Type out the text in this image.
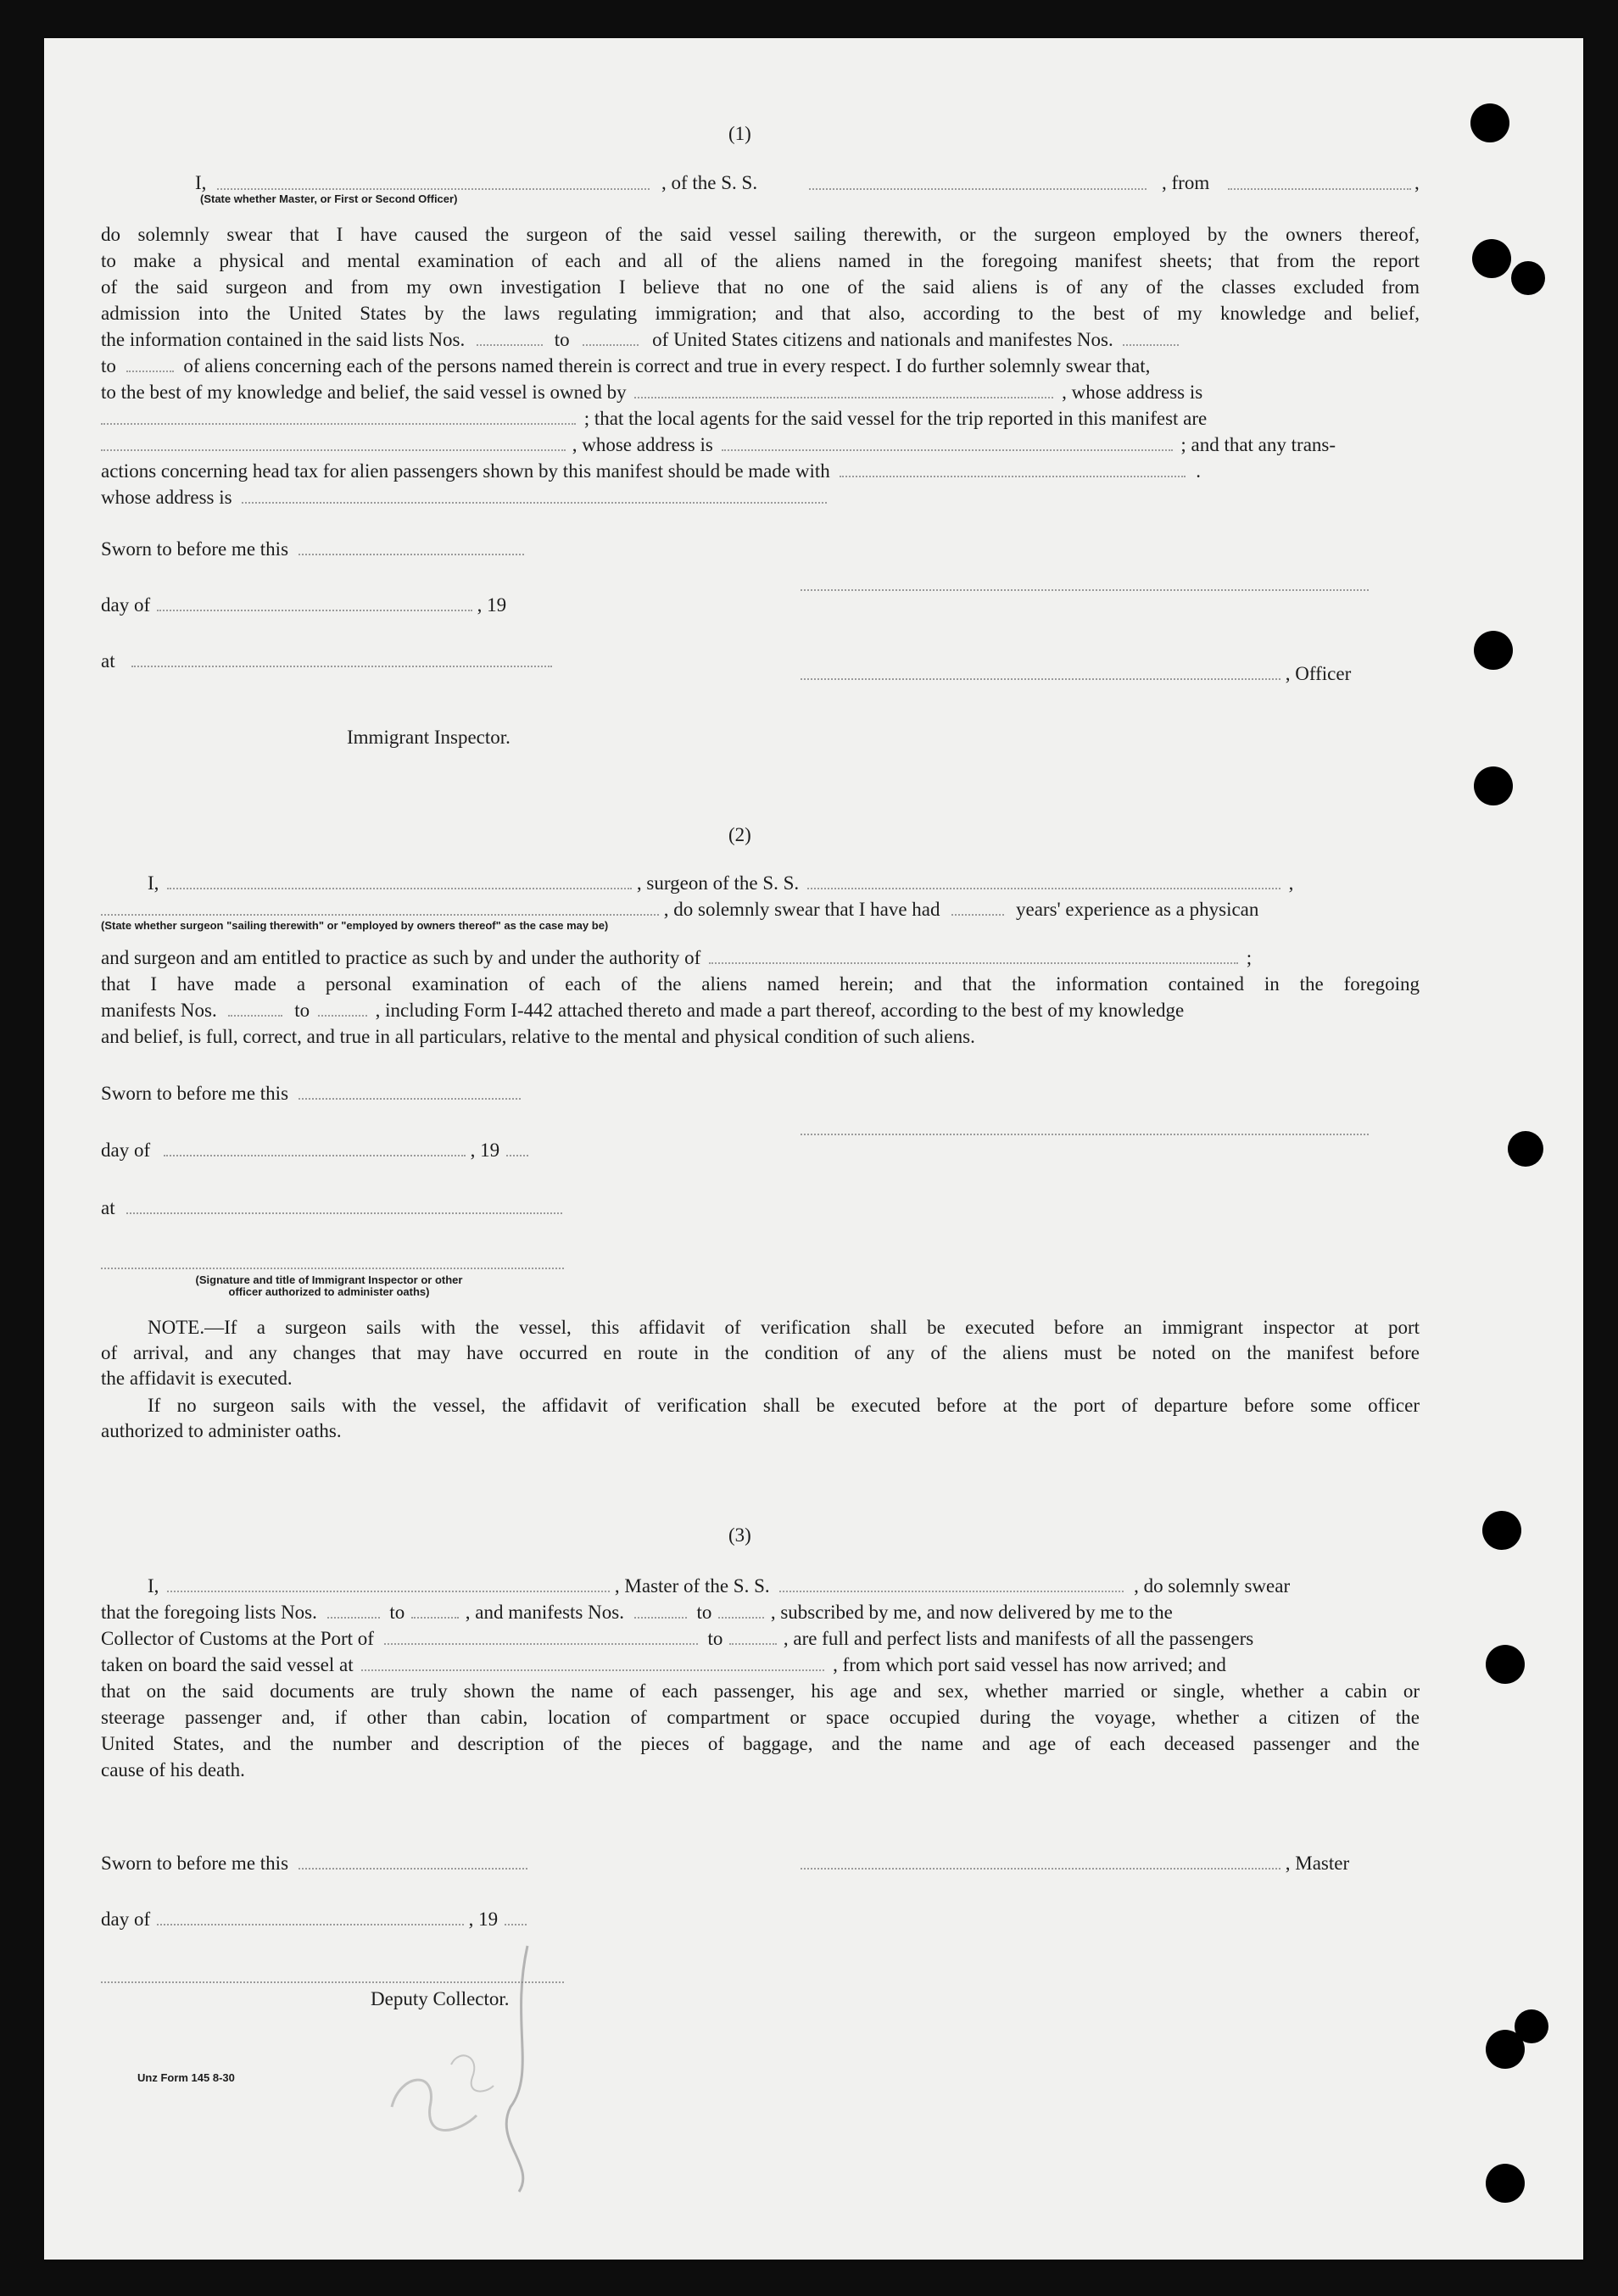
(1)
I,	, of the S. S.	, from	,
(State whether Master, or First or Second Officer)
do solemnly swear that I have caused the surgeon of the said vessel sailing therewith, or the surgeon employed by the owners thereof,
to make a physical and mental examination of each and all of the aliens named in the foregoing manifest sheets; that from the report
of the said surgeon and from my own investigation I believe that no one of the said aliens is of any of the classes excluded from
admission into the United States by the laws regulating immigration; and that also, according to the best of my knowledge and belief,
the information contained in the said lists Nos.	to	of United States citizens and nationals and manifestes Nos.
to	of aliens concerning each of the persons named therein is correct and true in every respect. I do further solemnly swear that,
to the best of my knowledge and belief, the said vessel is owned by	, whose address is
; that the local agents for the said vessel for the trip reported in this manifest are
, whose address is	; and that any trans-
actions concerning head tax for alien passengers shown by this manifest should be made with	.
whose address is
Sworn to before me this
day of	, 19
at
, Officer
Immigrant Inspector.
(2)
I,	, surgeon of the S. S.	,
, do solemnly swear that I have had	years' experience as a physican
(State whether surgeon "sailing therewith" or "employed by owners thereof" as the case may be)
and surgeon and am entitled to practice as such by and under the authority of	;
that I have made a personal examination of each of the aliens named herein; and that the information contained in the foregoing
manifests Nos.	to	, including Form I-442 attached thereto and made a part thereof, according to the best of my knowledge
and belief, is full, correct, and true in all particulars, relative to the mental and physical condition of such aliens.
Sworn to before me this
day of	, 19
at
(Signature and title of Immigrant Inspector or other
officer authorized to administer oaths)
NOTE.—If a surgeon sails with the vessel, this affidavit of verification shall be executed before an immigrant inspector at port
of arrival, and any changes that may have occurred en route in the condition of any of the aliens must be noted on the manifest before
the affidavit is executed.
If no surgeon sails with the vessel, the affidavit of verification shall be executed before at the port of departure before some officer
authorized to administer oaths.
(3)
I,	, Master of the S. S.	, do solemnly swear
that the foregoing lists Nos.	to	, and manifests Nos.	to	, subscribed by me, and now delivered by me to the
Collector of Customs at the Port of	to	, are full and perfect lists and manifests of all the passengers
taken on board the said vessel at	, from which port said vessel has now arrived; and
that on the said documents are truly shown the name of each passenger, his age and sex, whether married or single, whether a cabin or
steerage passenger and, if other than cabin, location of compartment or space occupied during the voyage, whether a citizen of the
United States, and the number and description of the pieces of baggage, and the name and age of each deceased passenger and the
cause of his death.
Sworn to before me this	, Master
day of	, 19
Deputy Collector.
Unz Form 145 8-30
